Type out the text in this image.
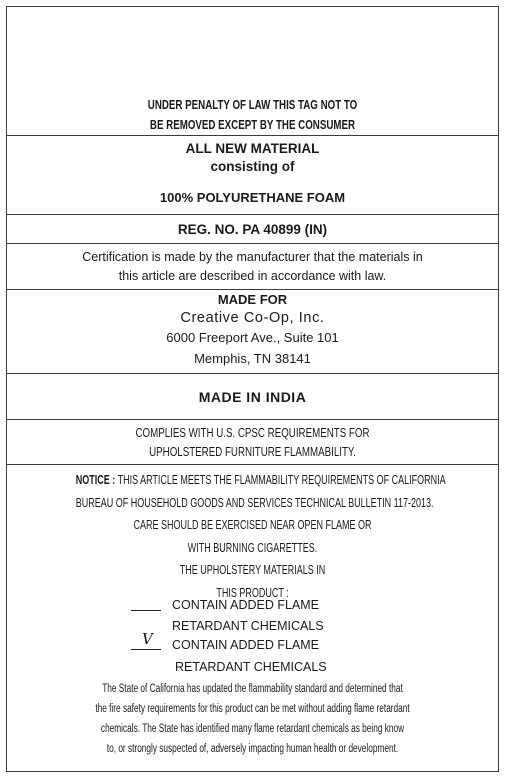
UNDER PENALTY OF LAW THIS TAG NOT TO
BE REMOVED EXCEPT BY THE CONSUMER
ALL NEW MATERIAL
consisting of
100% POLYURETHANE FOAM
REG. NO. PA 40899 (IN)
Certification is made by the manufacturer that the materials in
this article are described in accordance with law.
MADE FOR
Creative Co-Op, Inc.
6000 Freeport Ave., Suite 101
Memphis, TN 38141
MADE IN INDIA
COMPLIES WITH U.S. CPSC REQUIREMENTS FOR
UPHOLSTERED FURNITURE FLAMMABILITY.
NOTICE : THIS ARTICLE MEETS THE FLAMMABILITY REQUIREMENTS OF CALIFORNIA
BUREAU OF HOUSEHOLD GOODS AND SERVICES TECHNICAL BULLETIN 117-2013.
CARE SHOULD BE EXERCISED NEAR OPEN FLAME OR
WITH BURNING CIGARETTES.
THE UPHOLSTERY MATERIALS IN
THIS PRODUCT :
CONTAIN ADDED FLAME
RETARDANT CHEMICALS
V CONTAIN ADDED FLAME
RETARDANT CHEMICALS
The State of California has updated the flammability standard and determined that
the fire safety requirements for this product can be met without adding flame retardant
chemicals. The State has identified many flame retardant chemicals as being know
to, or strongly suspected of, adversely impacting human health or development.
